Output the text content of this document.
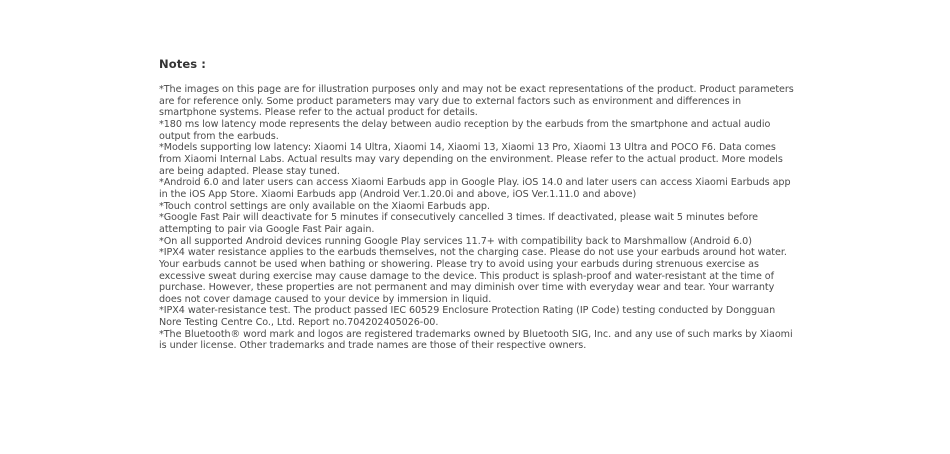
Notes :
*The images on this page are for illustration purposes only and may not be exact representations of the product. Product parameters are for reference only. Some product parameters may vary due to external factors such as environment and differences in smartphone systems. Please refer to the actual product for details.
*180 ms low latency mode represents the delay between audio reception by the earbuds from the smartphone and actual audio output from the earbuds.
*Models supporting low latency: Xiaomi 14 Ultra, Xiaomi 14, Xiaomi 13, Xiaomi 13 Pro, Xiaomi 13 Ultra and POCO F6. Data comes from Xiaomi Internal Labs. Actual results may vary depending on the environment. Please refer to the actual product. More models are being adapted. Please stay tuned.
*Android 6.0 and later users can access Xiaomi Earbuds app in Google Play. iOS 14.0 and later users can access Xiaomi Earbuds app in the iOS App Store. Xiaomi Earbuds app (Android Ver.1.20.0i and above, iOS Ver.1.11.0 and above)
*Touch control settings are only available on the Xiaomi Earbuds app.
*Google Fast Pair will deactivate for 5 minutes if consecutively cancelled 3 times. If deactivated, please wait 5 minutes before attempting to pair via Google Fast Pair again.
*On all supported Android devices running Google Play services 11.7+ with compatibility back to Marshmallow (Android 6.0)
*IPX4 water resistance applies to the earbuds themselves, not the charging case. Please do not use your earbuds around hot water. Your earbuds cannot be used when bathing or showering. Please try to avoid using your earbuds during strenuous exercise as excessive sweat during exercise may cause damage to the device. This product is splash-proof and water-resistant at the time of purchase. However, these properties are not permanent and may diminish over time with everyday wear and tear. Your warranty does not cover damage caused to your device by immersion in liquid.
*IPX4 water-resistance test. The product passed IEC 60529 Enclosure Protection Rating (IP Code) testing conducted by Dongguan Nore Testing Centre Co., Ltd. Report no.704202405026-00.
*The Bluetooth® word mark and logos are registered trademarks owned by Bluetooth SIG, Inc. and any use of such marks by Xiaomi is under license. Other trademarks and trade names are those of their respective owners.
